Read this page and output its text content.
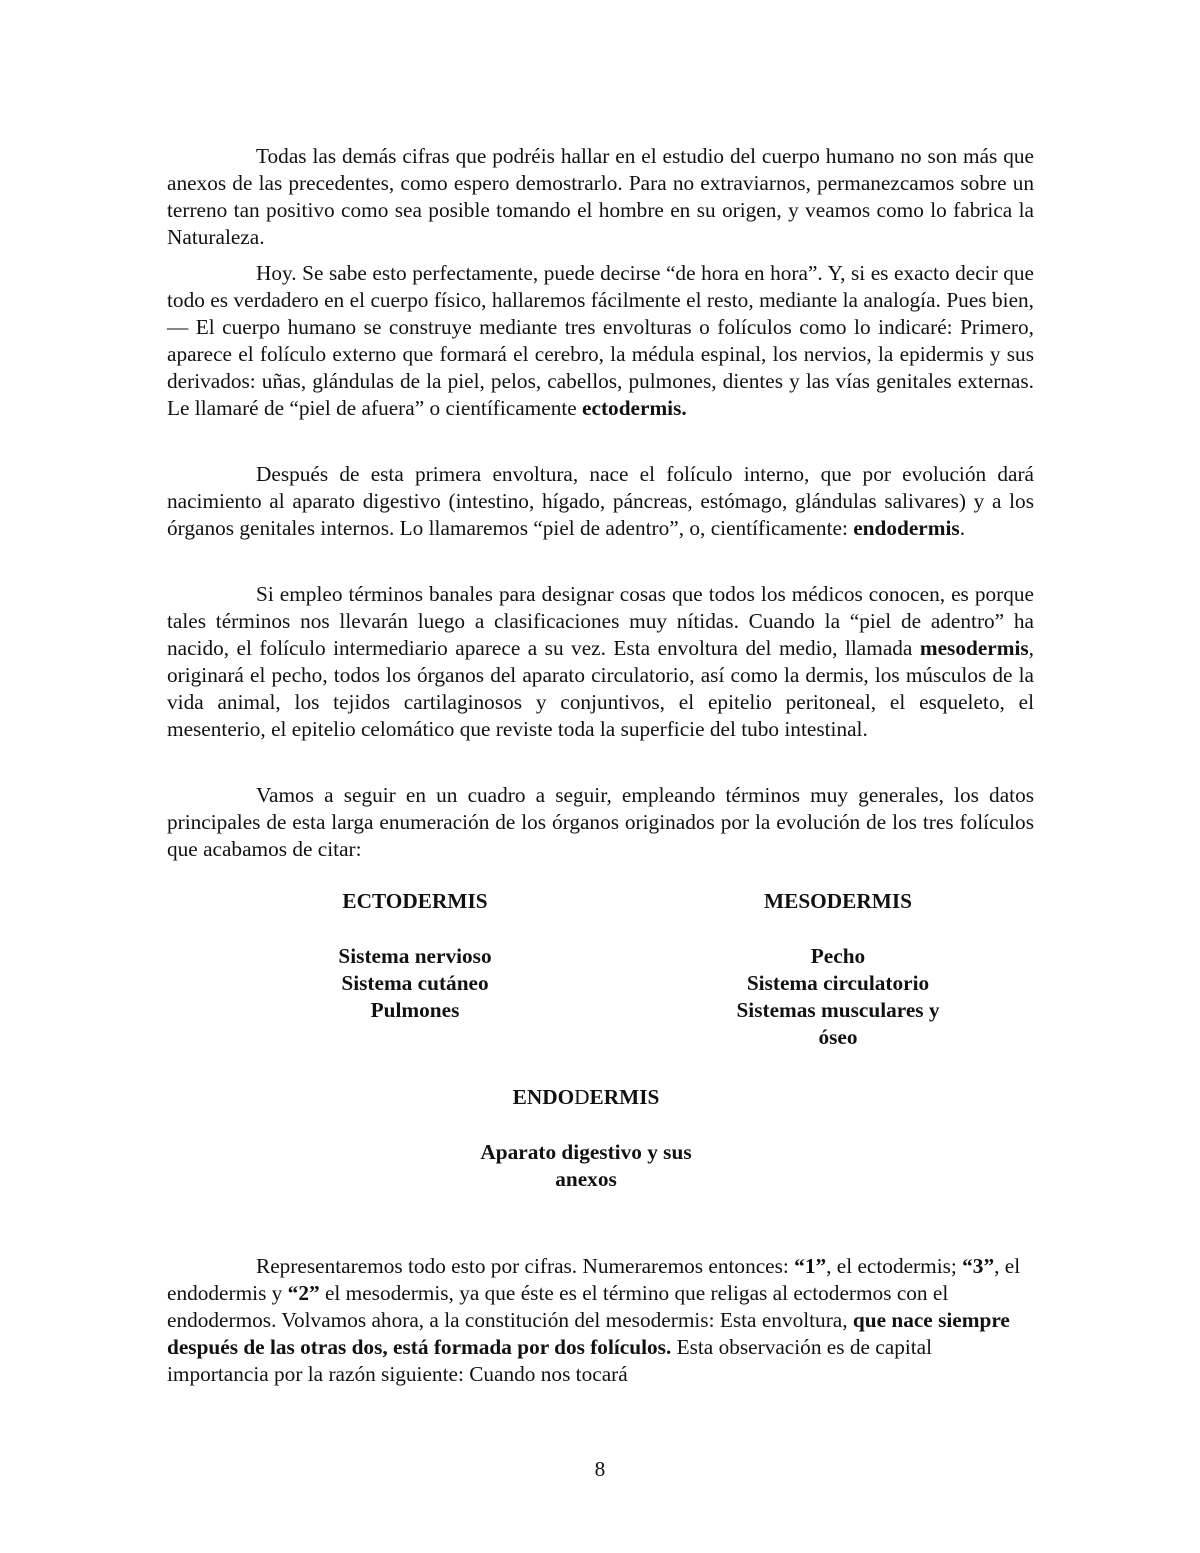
Todas las demás cifras que podréis hallar en el estudio del cuerpo humano no son más que anexos de las precedentes, como espero demostrarlo. Para no extraviarnos, permanezcamos sobre un terreno tan positivo como sea posible tomando el hombre en su origen, y veamos como lo fabrica la Naturaleza.

Hoy. Se sabe esto perfectamente, puede decirse “de hora en hora”. Y, si es exacto decir que todo es verdadero en el cuerpo físico, hallaremos fácilmente el resto, mediante la analogía. Pues bien, — El cuerpo humano se construye mediante tres envolturas o folículos como lo indicaré: Primero, aparece el folículo externo que formará el cerebro, la médula espinal, los nervios, la epidermis y sus derivados: uñas, glándulas de la piel, pelos, cabellos, pulmones, dientes y las vías genitales externas. Le llamaré de “piel de afuera” o científicamente ectodermis.

Después de esta primera envoltura, nace el folículo interno, que por evolución dará nacimiento al aparato digestivo (intestino, hígado, páncreas, estómago, glándulas salivares) y a los órganos genitales internos. Lo llamaremos “piel de adentro”, o, científicamente: endodermis.

Si empleo términos banales para designar cosas que todos los médicos conocen, es porque tales términos nos llevarán luego a clasificaciones muy nítidas. Cuando la “piel de adentro” ha nacido, el folículo intermediario aparece a su vez. Esta envoltura del medio, llamada mesodermis, originará el pecho, todos los órganos del aparato circulatorio, así como la dermis, los músculos de la vida animal, los tejidos cartilaginosos y conjuntivos, el epitelio peritoneal, el esqueleto, el mesenterio, el epitelio celomático que reviste toda la superficie del tubo intestinal.

Vamos a seguir en un cuadro a seguir, empleando términos muy generales, los datos principales de esta larga enumeración de los órganos originados por la evolución de los tres folículos que acabamos de citar:

ECTODERMIS
Sistema nervioso
Sistema cutáneo
Pulmones
MESODERMIS
Pecho
Sistema circulatorio
Sistemas musculares y
óseo
ENDODERMIS
Aparato digestivo y sus
anexos

Representaremos todo esto por cifras. Numeraremos entonces: “1”, el ectodermis; “3”, el endodermis y “2” el mesodermis, ya que éste es el término que religas al ectodermos con el endodermos. Volvamos ahora, a la constitución del mesodermis: Esta envoltura, que nace siempre después de las otras dos, está formada por dos folículos. Esta observación es de capital importancia por la razón siguiente: Cuando nos tocará

8
